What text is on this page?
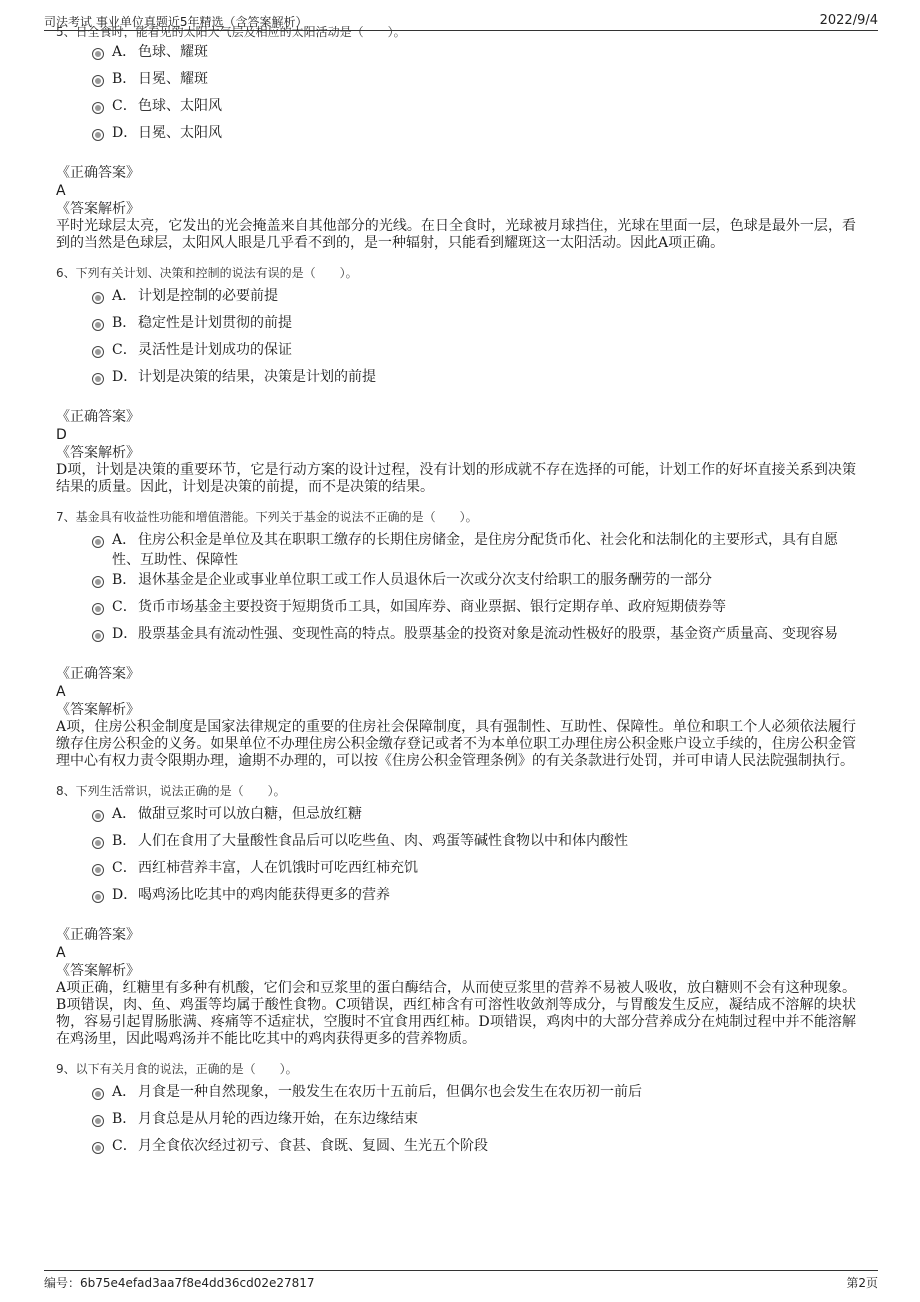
司法考试 事业单位真题近5年精选（含答案解析）	2022/9/4
5、日全食时，能看见的太阳大气层及相应的太阳活动是（　　）。
A． 色球、耀斑
B． 日冕、耀斑
C．色球、太阳风
D．日冕、太阳风
《正确答案》
A
《答案解析》
平时光球层太亮，它发出的光会掩盖来自其他部分的光线。在日全食时，光球被月球挡住，光球在里面一层，色球是最外一层，看到的当然是色球层，太阳风人眼是几乎看不到的，是一种辐射，只能看到耀斑这一太阳活动。因此A项正确。
6、下列有关计划、决策和控制的说法有误的是（　　）。
A． 计划是控制的必要前提
B． 稳定性是计划贯彻的前提
C．灵活性是计划成功的保证
D．计划是决策的结果，决策是计划的前提
《正确答案》
D
《答案解析》
D项，计划是决策的重要环节，它是行动方案的设计过程，没有计划的形成就不存在选择的可能，计划工作的好坏直接关系到决策结果的质量。因此，计划是决策的前提，而不是决策的结果。
7、基金具有收益性功能和增值潜能。下列关于基金的说法不正确的是（　　）。
A． 住房公积金是单位及其在职职工缴存的长期住房储金，是住房分配货币化、社会化和法制化的主要形式，具有自愿性、互助性、保障性
B． 退休基金是企业或事业单位职工或工作人员退休后一次或分次支付给职工的服务酬劳的一部分
C．货币市场基金主要投资于短期货币工具，如国库券、商业票据、银行定期存单、政府短期债券等
D．股票基金具有流动性强、变现性高的特点。股票基金的投资对象是流动性极好的股票，基金资产质量高、变现容易
《正确答案》
A
《答案解析》
A项，住房公积金制度是国家法律规定的重要的住房社会保障制度，具有强制性、互助性、保障性。单位和职工个人必须依法履行缴存住房公积金的义务。如果单位不办理住房公积金缴存登记或者不为本单位职工办理住房公积金账户设立手续的，住房公积金管理中心有权力责令限期办理，逾期不办理的，可以按《住房公积金管理条例》的有关条款进行处罚，并可申请人民法院强制执行。
8、下列生活常识，说法正确的是（　　）。
A． 做甜豆浆时可以放白糖，但忌放红糖
B． 人们在食用了大量酸性食品后可以吃些鱼、肉、鸡蛋等碱性食物以中和体内酸性
C．西红柿营养丰富，人在饥饿时可吃西红柿充饥
D．喝鸡汤比吃其中的鸡肉能获得更多的营养
《正确答案》
A
《答案解析》
A项正确，红糖里有多种有机酸，它们会和豆浆里的蛋白酶结合，从而使豆浆里的营养不易被人吸收，放白糖则不会有这种现象。B项错误，肉、鱼、鸡蛋等均属于酸性食物。C项错误，西红柿含有可溶性收敛剂等成分，与胃酸发生反应，凝结成不溶解的块状物，容易引起胃肠胀满、疼痛等不适症状，空腹时不宜食用西红柿。D项错误，鸡肉中的大部分营养成分在炖制过程中并不能溶解在鸡汤里，因此喝鸡汤并不能比吃其中的鸡肉获得更多的营养物质。
9、以下有关月食的说法，正确的是（　　）。
A． 月食是一种自然现象，一般发生在农历十五前后，但偶尔也会发生在农历初一前后
B． 月食总是从月轮的西边缘开始，在东边缘结束
C．月全食依次经过初亏、食甚、食既、复圆、生光五个阶段
编号：6b75e4efad3aa7f8e4dd36cd02e27817	第2页
